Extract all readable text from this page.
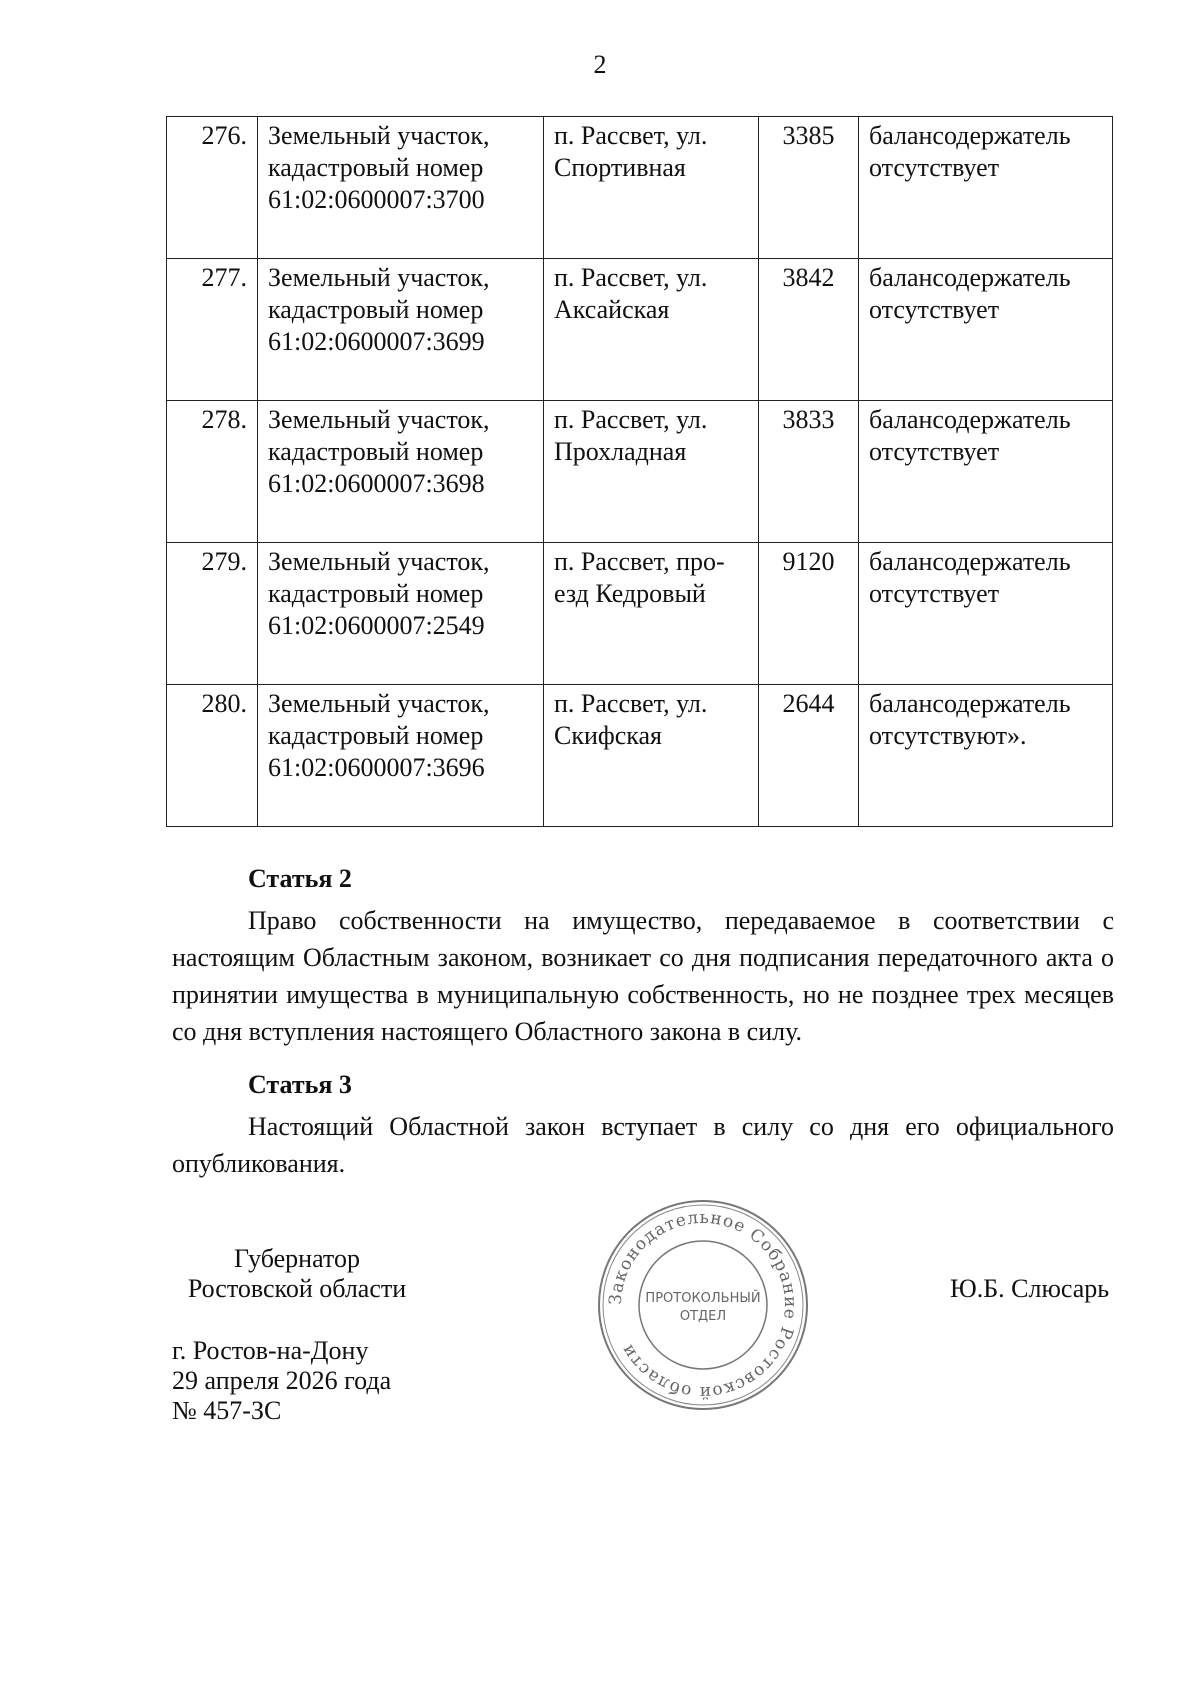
2
276.	Земельный участок, кадастровый номер 61:02:0600007:3700	п. Рассвет, ул. Спортивная	3385	балансодержатель отсутствует
277.	Земельный участок, кадастровый номер 61:02:0600007:3699	п. Рассвет, ул. Аксайская	3842	балансодержатель отсутствует
278.	Земельный участок, кадастровый номер 61:02:0600007:3698	п. Рассвет, ул. Прохладная	3833	балансодержатель отсутствует
279.	Земельный участок, кадастровый номер 61:02:0600007:2549	п. Рассвет, про-езд Кедровый	9120	балансодержатель отсутствует
280.	Земельный участок, кадастровый номер 61:02:0600007:3696	п. Рассвет, ул. Скифская	2644	балансодержатель отсутствуют».
Статья 2

Право собственности на имущество, передаваемое в соответствии с настоящим Областным законом, возникает со дня подписания передаточного акта о принятии имущества в муниципальную собственность, но не позднее трех месяцев со дня вступления настоящего Областного закона в силу.

Статья 3

Настоящий Областной закон вступает в силу со дня его официального опубликования.

Губернатор
Ростовской области	Законодательное Собрание Ростовской области
ПРОТОКОЛЬНЫЙ
ОТДЕЛ
Ю.Б. Слюсарь
г. Ростов-на-Дону
29 апреля 2026 года
№ 457-ЗС
